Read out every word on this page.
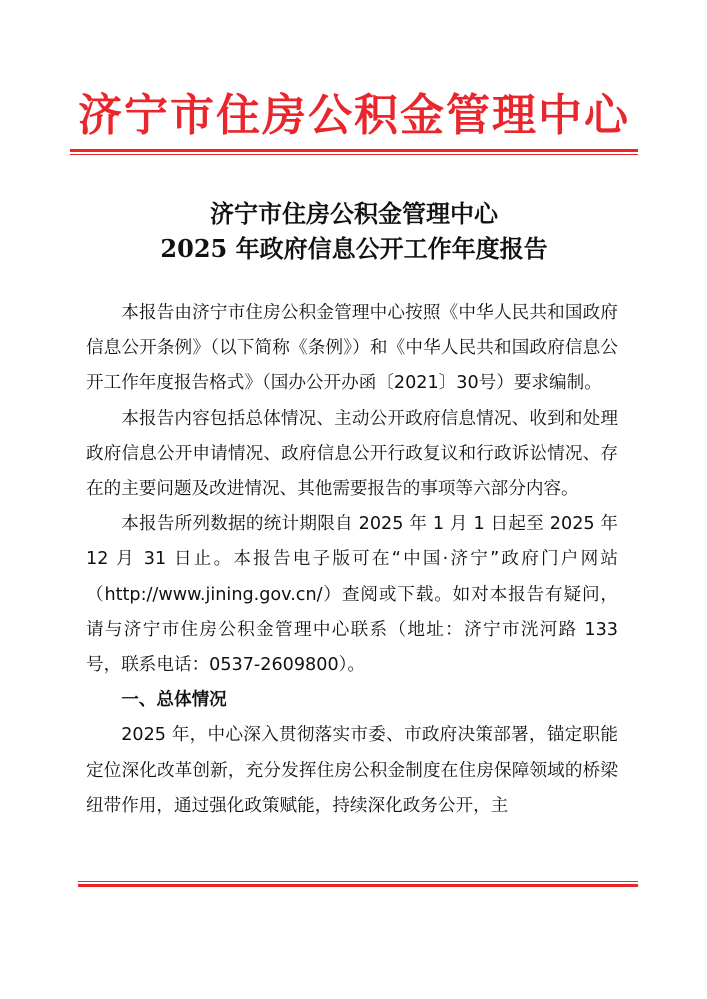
济宁市住房公积金管理中心
济宁市住房公积金管理中心
2025 年政府信息公开工作年度报告

本报告由济宁市住房公积金管理中心按照《中华人民共和国政府信息公开条例》（以下简称《条例》）和《中华人民共和国政府信息公开工作年度报告格式》（国办公开办函〔2021〕30号）要求编制。

本报告内容包括总体情况、主动公开政府信息情况、收到和处理政府信息公开申请情况、政府信息公开行政复议和行政诉讼情况、存在的主要问题及改进情况、其他需要报告的事项等六部分内容。

本报告所列数据的统计期限自 2025 年 1 月 1 日起至 2025 年 12 月 31 日止。本报告电子版可在“中国·济宁”政府门户网站（http://www.jining.gov.cn/）查阅或下载。如对本报告有疑问，请与济宁市住房公积金管理中心联系（地址：济宁市洸河路 133 号，联系电话：0537-2609800）。

一、总体情况

2025 年，中心深入贯彻落实市委、市政府决策部署，锚定职能定位深化改革创新，充分发挥住房公积金制度在住房保障领域的桥梁纽带作用，通过强化政策赋能，持续深化政务公开，主
